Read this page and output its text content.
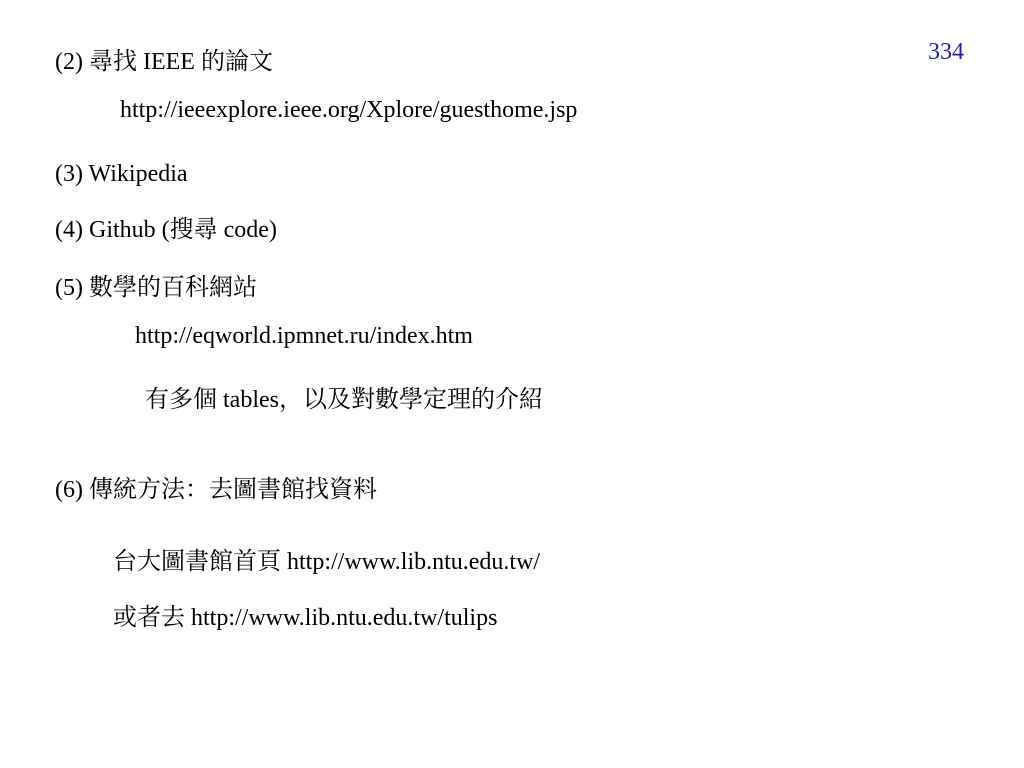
334
(2) 尋找 IEEE 的論文
http://ieeexplore.ieee.org/Xplore/guesthome.jsp
(3) Wikipedia
(4) Github (搜尋 code)
(5) 數學的百科網站
http://eqworld.ipmnet.ru/index.htm
有多個 tables，以及對數學定理的介紹
(6) 傳統方法：去圖書館找資料
台大圖書館首頁 http://www.lib.ntu.edu.tw/
或者去 http://www.lib.ntu.edu.tw/tulips
